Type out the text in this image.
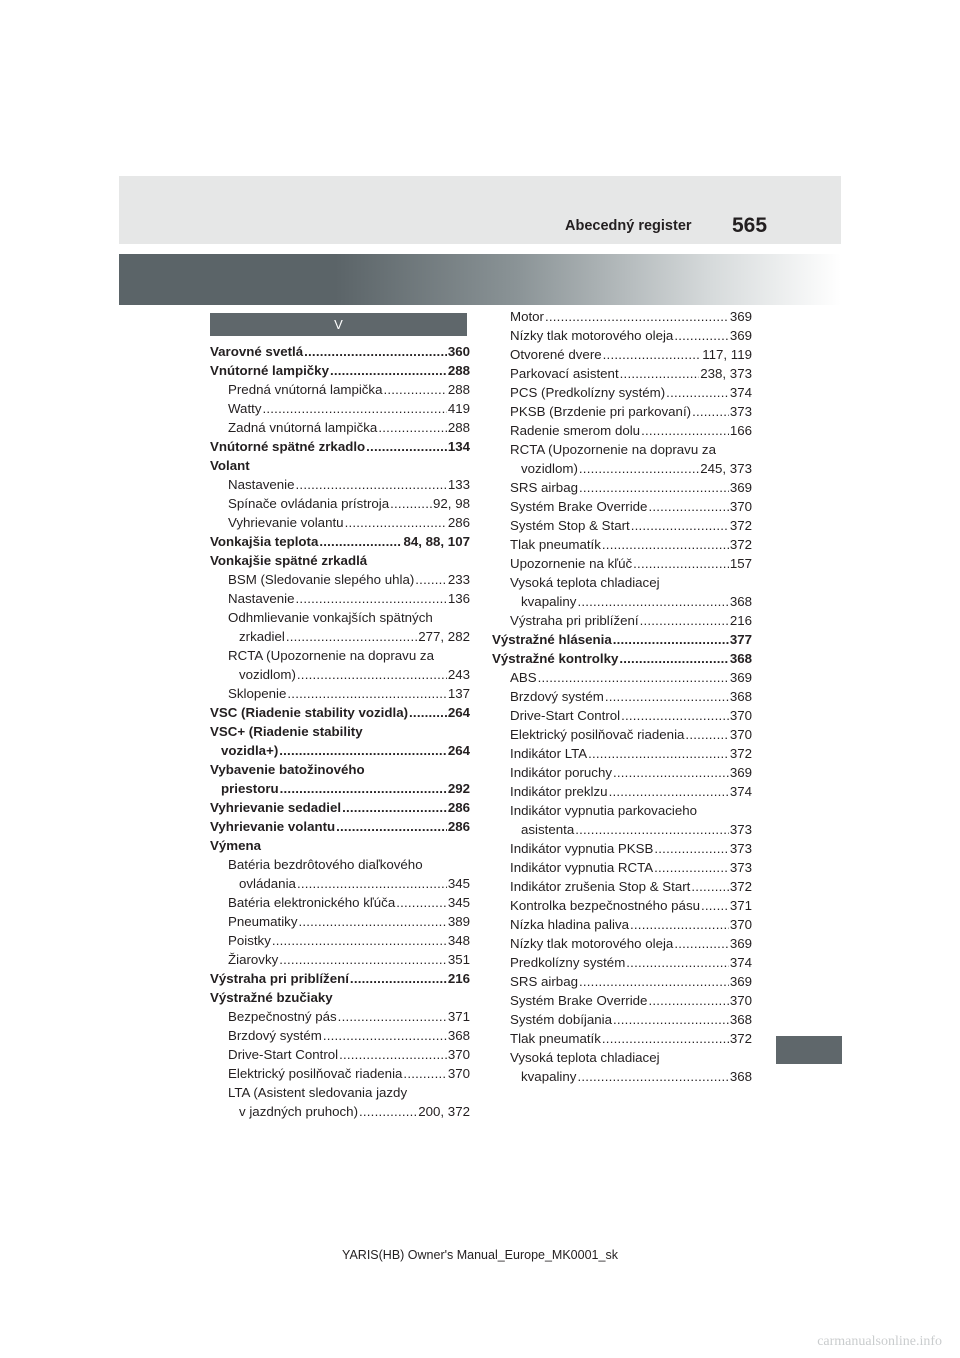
Abecedný register 565
V
Varovné svetlá .....	360
Vnútorné lampičky .....	288
Predná vnútorná lampička .....	288
Watty .....	419
Zadná vnútorná lampička .....	288
Vnútorné spätné zrkadlo .....	134
Volant
Nastavenie .....	133
Spínače ovládania prístroja .....	92, 98
Vyhrievanie volantu .....	286
Vonkajšia teplota .....	84, 88, 107
Vonkajšie spätné zrkadlá
BSM (Sledovanie slepého uhla) .....	233
Nastavenie .....	136
Odhmlievanie vonkajších spätných
zrkadiel .....	277, 282
RCTA (Upozornenie na dopravu za
vozidlom) .....	243
Sklopenie .....	137
VSC (Riadenie stability vozidla) .....	264
VSC+ (Riadenie stability
vozidla+) .....	264
Vybavenie batožinového
priestoru .....	292
Vyhrievanie sedadiel .....	286
Vyhrievanie volantu .....	286
Výmena
Batéria bezdrôtového diaľkového
ovládania .....	345
Batéria elektronického kľúča .....	345
Pneumatiky .....	389
Poistky .....	348
Žiarovky .....	351
Výstraha pri priblížení .....	216
Výstražné bzučiaky
Bezpečnostný pás .....	371
Brzdový systém .....	368
Drive-Start Control .....	370
Elektrický posilňovač riadenia .....	370
LTA (Asistent sledovania jazdy
v jazdných pruhoch) .....	200, 372
Motor .....	369
Nízky tlak motorového oleja .....	369
Otvorené dvere .....	117, 119
Parkovací asistent .....	238, 373
PCS (Predkolízny systém) .....	374
PKSB (Brzdenie pri parkovaní) .....	373
Radenie smerom dolu .....	166
RCTA (Upozornenie na dopravu za
vozidlom) .....	245, 373
SRS airbag .....	369
Systém Brake Override .....	370
Systém Stop & Start .....	372
Tlak pneumatík .....	372
Upozornenie na kľúč .....	157
Vysoká teplota chladiacej
kvapaliny .....	368
Výstraha pri priblížení .....	216
Výstražné hlásenia .....	377
Výstražné kontrolky .....	368
ABS .....	369
Brzdový systém .....	368
Drive-Start Control .....	370
Elektrický posilňovač riadenia .....	370
Indikátor LTA .....	372
Indikátor poruchy .....	369
Indikátor preklzu .....	374
Indikátor vypnutia parkovacieho
asistenta .....	373
Indikátor vypnutia PKSB .....	373
Indikátor vypnutia RCTA .....	373
Indikátor zrušenia Stop & Start .....	372
Kontrolka bezpečnostného pásu ..... 371
Nízka hladina paliva .....	370
Nízky tlak motorového oleja .....	369
Predkolízny systém .....	374
SRS airbag .....	369
Systém Brake Override .....	370
Systém dobíjania .....	368
Tlak pneumatík .....	372
Vysoká teplota chladiacej
kvapaliny .....	368
YARIS(HB) Owner's Manual_Europe_MK0001_sk
carmanualsonline.info
